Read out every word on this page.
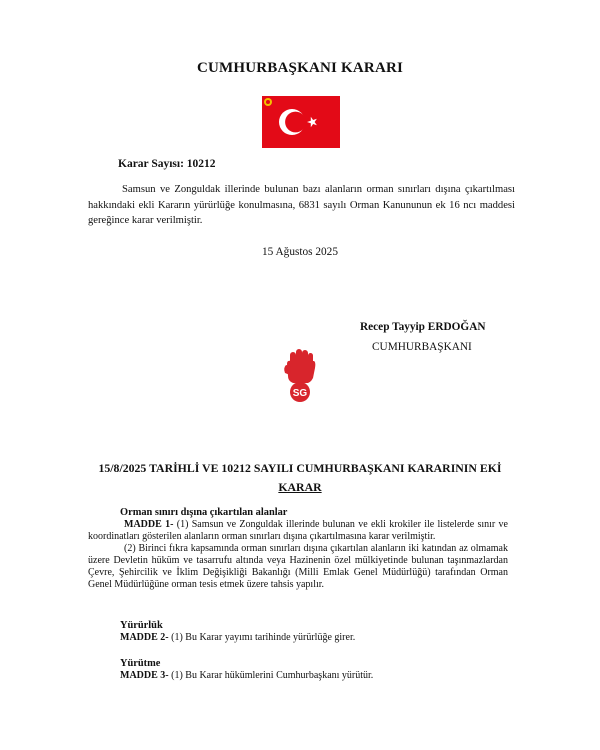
CUMHURBAŞKANI KARARI
Karar Sayısı: 10212
Samsun ve Zonguldak illerinde bulunan bazı alanların orman sınırları dışına çıkartılması hakkındaki ekli Kararın yürürlüğe konulmasına, 6831 sayılı Orman Kanununun ek 16 ncı maddesi gereğince karar verilmiştir.
15 Ağustos 2025
Recep Tayyip ERDOĞAN
CUMHURBAŞKANI
SG
15/8/2025 TARİHLİ VE 10212 SAYILI CUMHURBAŞKANI KARARININ EKİ
KARAR
Orman sınırı dışına çıkartılan alanlar
MADDE 1- (1) Samsun ve Zonguldak illerinde bulunan ve ekli krokiler ile listelerde sınır ve koordinatları gösterilen alanların orman sınırları dışına çıkartılmasına karar verilmiştir.
(2) Birinci fıkra kapsamında orman sınırları dışına çıkartılan alanların iki katından az olmamak üzere Devletin hüküm ve tasarrufu altında veya Hazinenin özel mülkiyetinde bulunan taşınmazlardan Çevre, Şehircilik ve İklim Değişikliği Bakanlığı (Milli Emlak Genel Müdürlüğü) tarafından Orman Genel Müdürlüğüne orman tesis etmek üzere tahsis yapılır.
Yürürlük
MADDE 2- (1) Bu Karar yayımı tarihinde yürürlüğe girer.
Yürütme
MADDE 3- (1) Bu Karar hükümlerini Cumhurbaşkanı yürütür.
